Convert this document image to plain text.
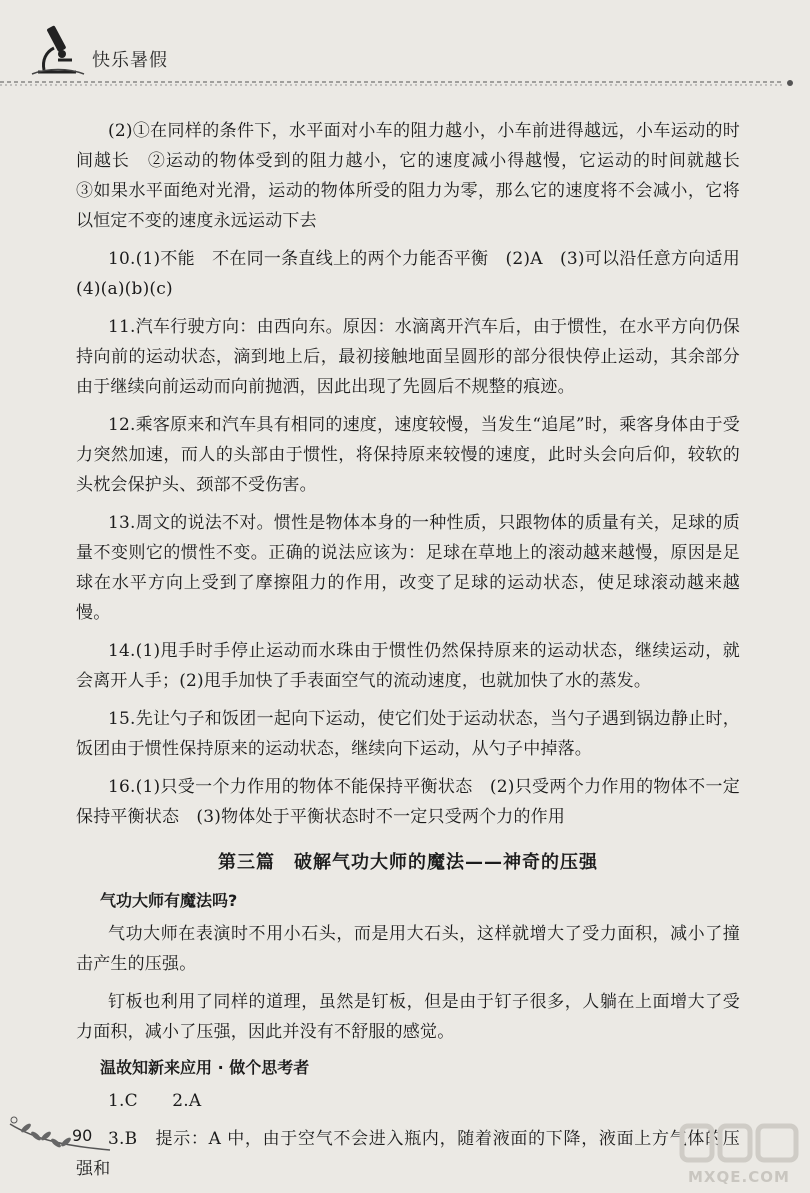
快乐暑假

(2)①在同样的条件下，水平面对小车的阻力越小，小车前进得越远，小车运动的时间越长　②运动的物体受到的阻力越小，它的速度减小得越慢，它运动的时间就越长　③如果水平面绝对光滑，运动的物体所受的阻力为零，那么它的速度将不会减小，它将以恒定不变的速度永远运动下去

10.(1)不能　不在同一条直线上的两个力能否平衡　(2)A　(3)可以沿任意方向适用　(4)(a)(b)(c)

11.汽车行驶方向：由西向东。原因：水滴离开汽车后，由于惯性，在水平方向仍保持向前的运动状态，滴到地上后，最初接触地面呈圆形的部分很快停止运动，其余部分由于继续向前运动而向前抛洒，因此出现了先圆后不规整的痕迹。

12.乘客原来和汽车具有相同的速度，速度较慢，当发生“追尾”时，乘客身体由于受力突然加速，而人的头部由于惯性，将保持原来较慢的速度，此时头会向后仰，较软的头枕会保护头、颈部不受伤害。

13.周文的说法不对。惯性是物体本身的一种性质，只跟物体的质量有关，足球的质量不变则它的惯性不变。正确的说法应该为：足球在草地上的滚动越来越慢，原因是足球在水平方向上受到了摩擦阻力的作用，改变了足球的运动状态，使足球滚动越来越慢。

14.(1)甩手时手停止运动而水珠由于惯性仍然保持原来的运动状态，继续运动，就会离开人手；(2)甩手加快了手表面空气的流动速度，也就加快了水的蒸发。

15.先让勺子和饭团一起向下运动，使它们处于运动状态，当勺子遇到锅边静止时，饭团由于惯性保持原来的运动状态，继续向下运动，从勺子中掉落。

16.(1)只受一个力作用的物体不能保持平衡状态　(2)只受两个力作用的物体不一定保持平衡状态　(3)物体处于平衡状态时不一定只受两个力的作用

第三篇　破解气功大师的魔法——神奇的压强
气功大师有魔法吗?

气功大师在表演时不用小石头，而是用大石头，这样就增大了受力面积，减小了撞击产生的压强。

钉板也利用了同样的道理，虽然是钉板，但是由于钉子很多，人躺在上面增大了受力面积，减小了压强，因此并没有不舒服的感觉。

温故知新来应用 · 做个思考者

1.C　　2.A

3.B　提示：A 中，由于空气不会进入瓶内，随着液面的下降，液面上方气体的压强和

90
MXQE.COM
